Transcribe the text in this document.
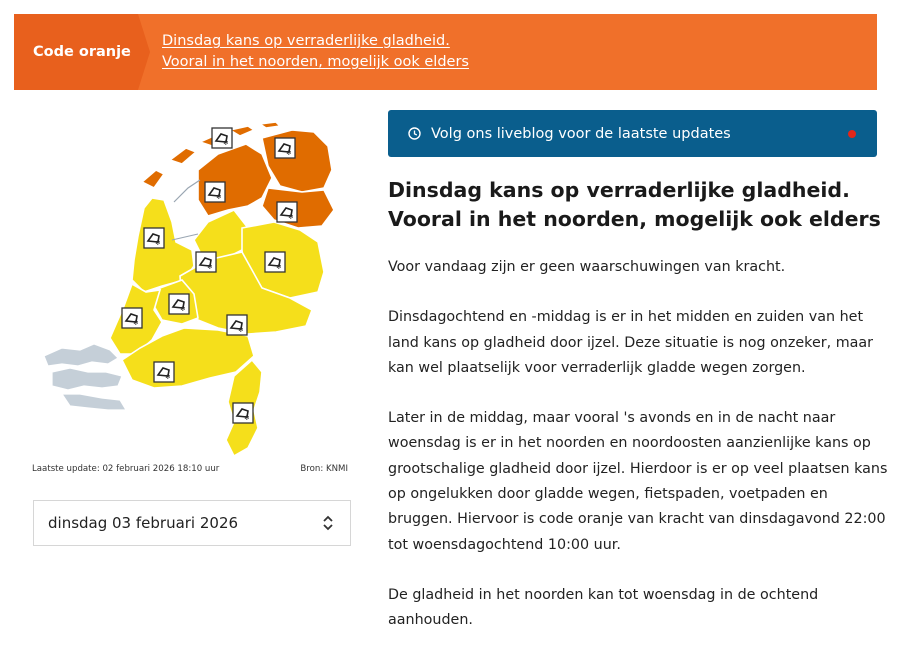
Code oranje
Dinsdag kans op verraderlijke gladheid.
Vooral in het noorden, mogelijk ook elders
❄
❄
❄
❄
❄
❄	❄
❄
❄
❄
❄
❄
Laatste update: 02 februari 2026 18:10 uur	Bron: KNMI
dinsdag 03 februari 2026
Volg ons liveblog voor de laatste updates
Dinsdag kans op verraderlijke gladheid.
Vooral in het noorden, mogelijk ook elders

Voor vandaag zijn er geen waarschuwingen van kracht.

Dinsdagochtend en -middag is er in het midden en zuiden van het land kans op gladheid door ijzel. Deze situatie is nog onzeker, maar kan wel plaatselijk voor verraderlijk gladde wegen zorgen.

Later in de middag, maar vooral 's avonds en in de nacht naar woensdag is er in het noorden en noordoosten aanzienlijke kans op grootschalige gladheid door ijzel. Hierdoor is er op veel plaatsen kans op ongelukken door gladde wegen, fietspaden, voetpaden en bruggen. Hiervoor is code oranje van kracht van dinsdagavond 22:00 tot woensdagochtend 10:00 uur.

De gladheid in het noorden kan tot woensdag in de ochtend aanhouden.
